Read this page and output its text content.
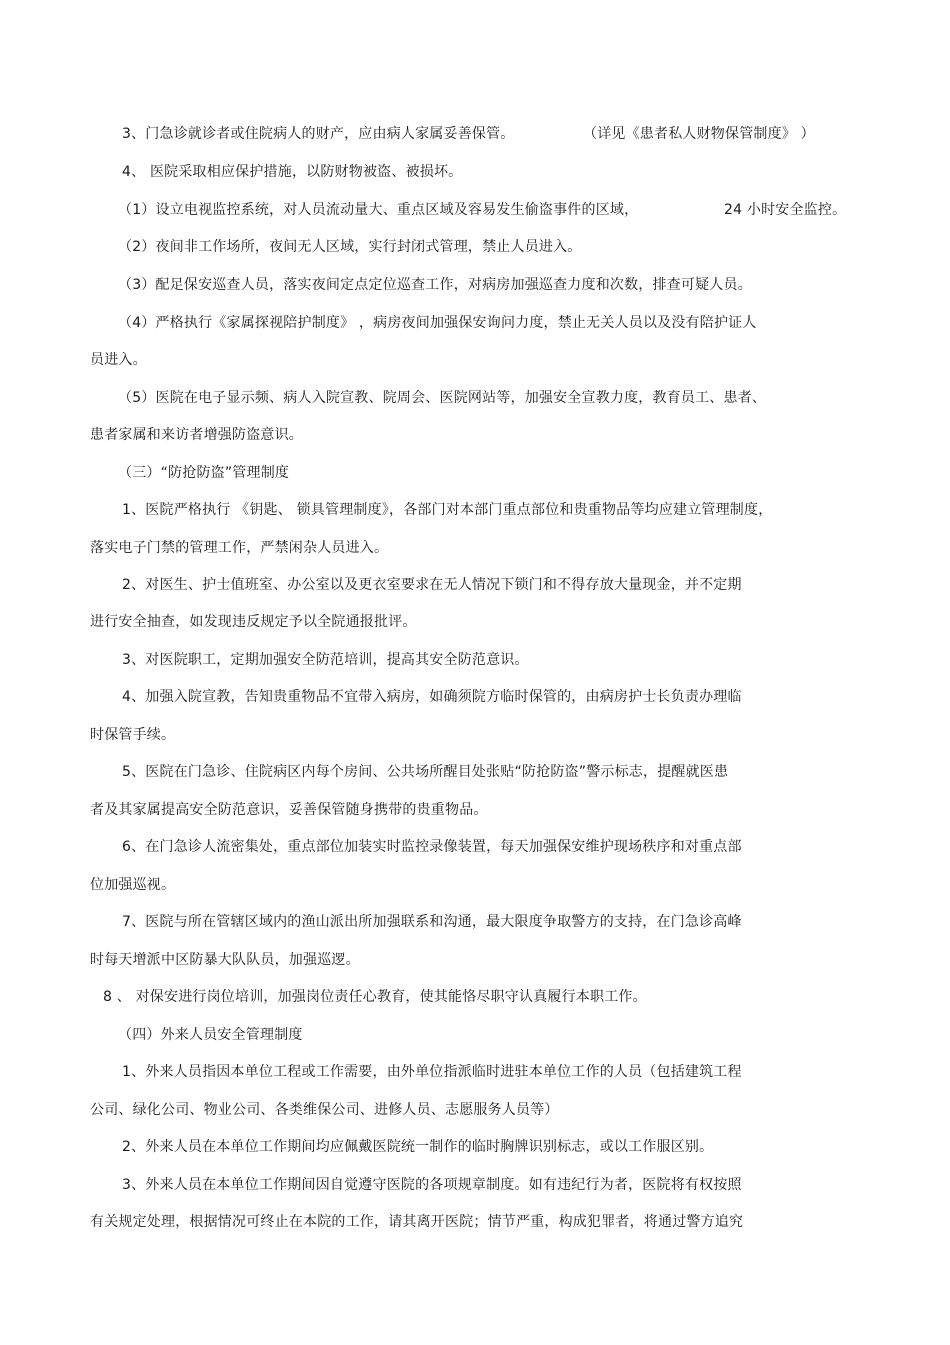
3、门急诊就诊者或住院病人的财产，应由病人家属妥善保管。	（详见《患者私人财物保管制度》 ）
4、 医院采取相应保护措施，以防财物被盗、被损坏。
（1）设立电视监控系统，对人员流动量大、重点区域及容易发生偷盗事件的区域，	24 小时安全监控。
（2）夜间非工作场所，夜间无人区域，实行封闭式管理，禁止人员进入。
（3）配足保安巡查人员，落实夜间定点定位巡查工作，对病房加强巡查力度和次数，排查可疑人员。
（4）严格执行《家属探视陪护制度》 ，病房夜间加强保安询问力度，禁止无关人员以及没有陪护证人
员进入。
（5）医院在电子显示频、病人入院宣教、院周会、医院网站等，加强安全宣教力度，教育员工、患者、
患者家属和来访者增强防盗意识。
（三）“防抢防盗”管理制度
1、医院严格执行 《钥匙、 锁具管理制度》，各部门对本部门重点部位和贵重物品等均应建立管理制度，
落实电子门禁的管理工作，严禁闲杂人员进入。
2、对医生、护士值班室、办公室以及更衣室要求在无人情况下锁门和不得存放大量现金，并不定期
进行安全抽查，如发现违反规定予以全院通报批评。
3、对医院职工，定期加强安全防范培训，提高其安全防范意识。
4、加强入院宣教，告知贵重物品不宜带入病房，如确须院方临时保管的，由病房护士长负责办理临
时保管手续。
5、医院在门急诊、住院病区内每个房间、公共场所醒目处张贴“防抢防盗”警示标志，提醒就医患
者及其家属提高安全防范意识，妥善保管随身携带的贵重物品。
6、在门急诊人流密集处，重点部位加装实时监控录像装置，每天加强保安维护现场秩序和对重点部
位加强巡视。
7、医院与所在管辖区域内的渔山派出所加强联系和沟通，最大限度争取警方的支持，在门急诊高峰
时每天增派中区防暴大队队员，加强巡逻。
8 、 对保安进行岗位培训，加强岗位责任心教育，使其能恪尽职守认真履行本职工作。
（四）外来人员安全管理制度
1、外来人员指因本单位工程或工作需要，由外单位指派临时进驻本单位工作的人员（包括建筑工程
公司、绿化公司、物业公司、各类维保公司、进修人员、志愿服务人员等）
2、外来人员在本单位工作期间均应佩戴医院统一制作的临时胸牌识别标志，或以工作服区别。
3、外来人员在本单位工作期间因自觉遵守医院的各项规章制度。如有违纪行为者，医院将有权按照
有关规定处理，根据情况可终止在本院的工作，请其离开医院；情节严重，构成犯罪者，将通过警方追究
